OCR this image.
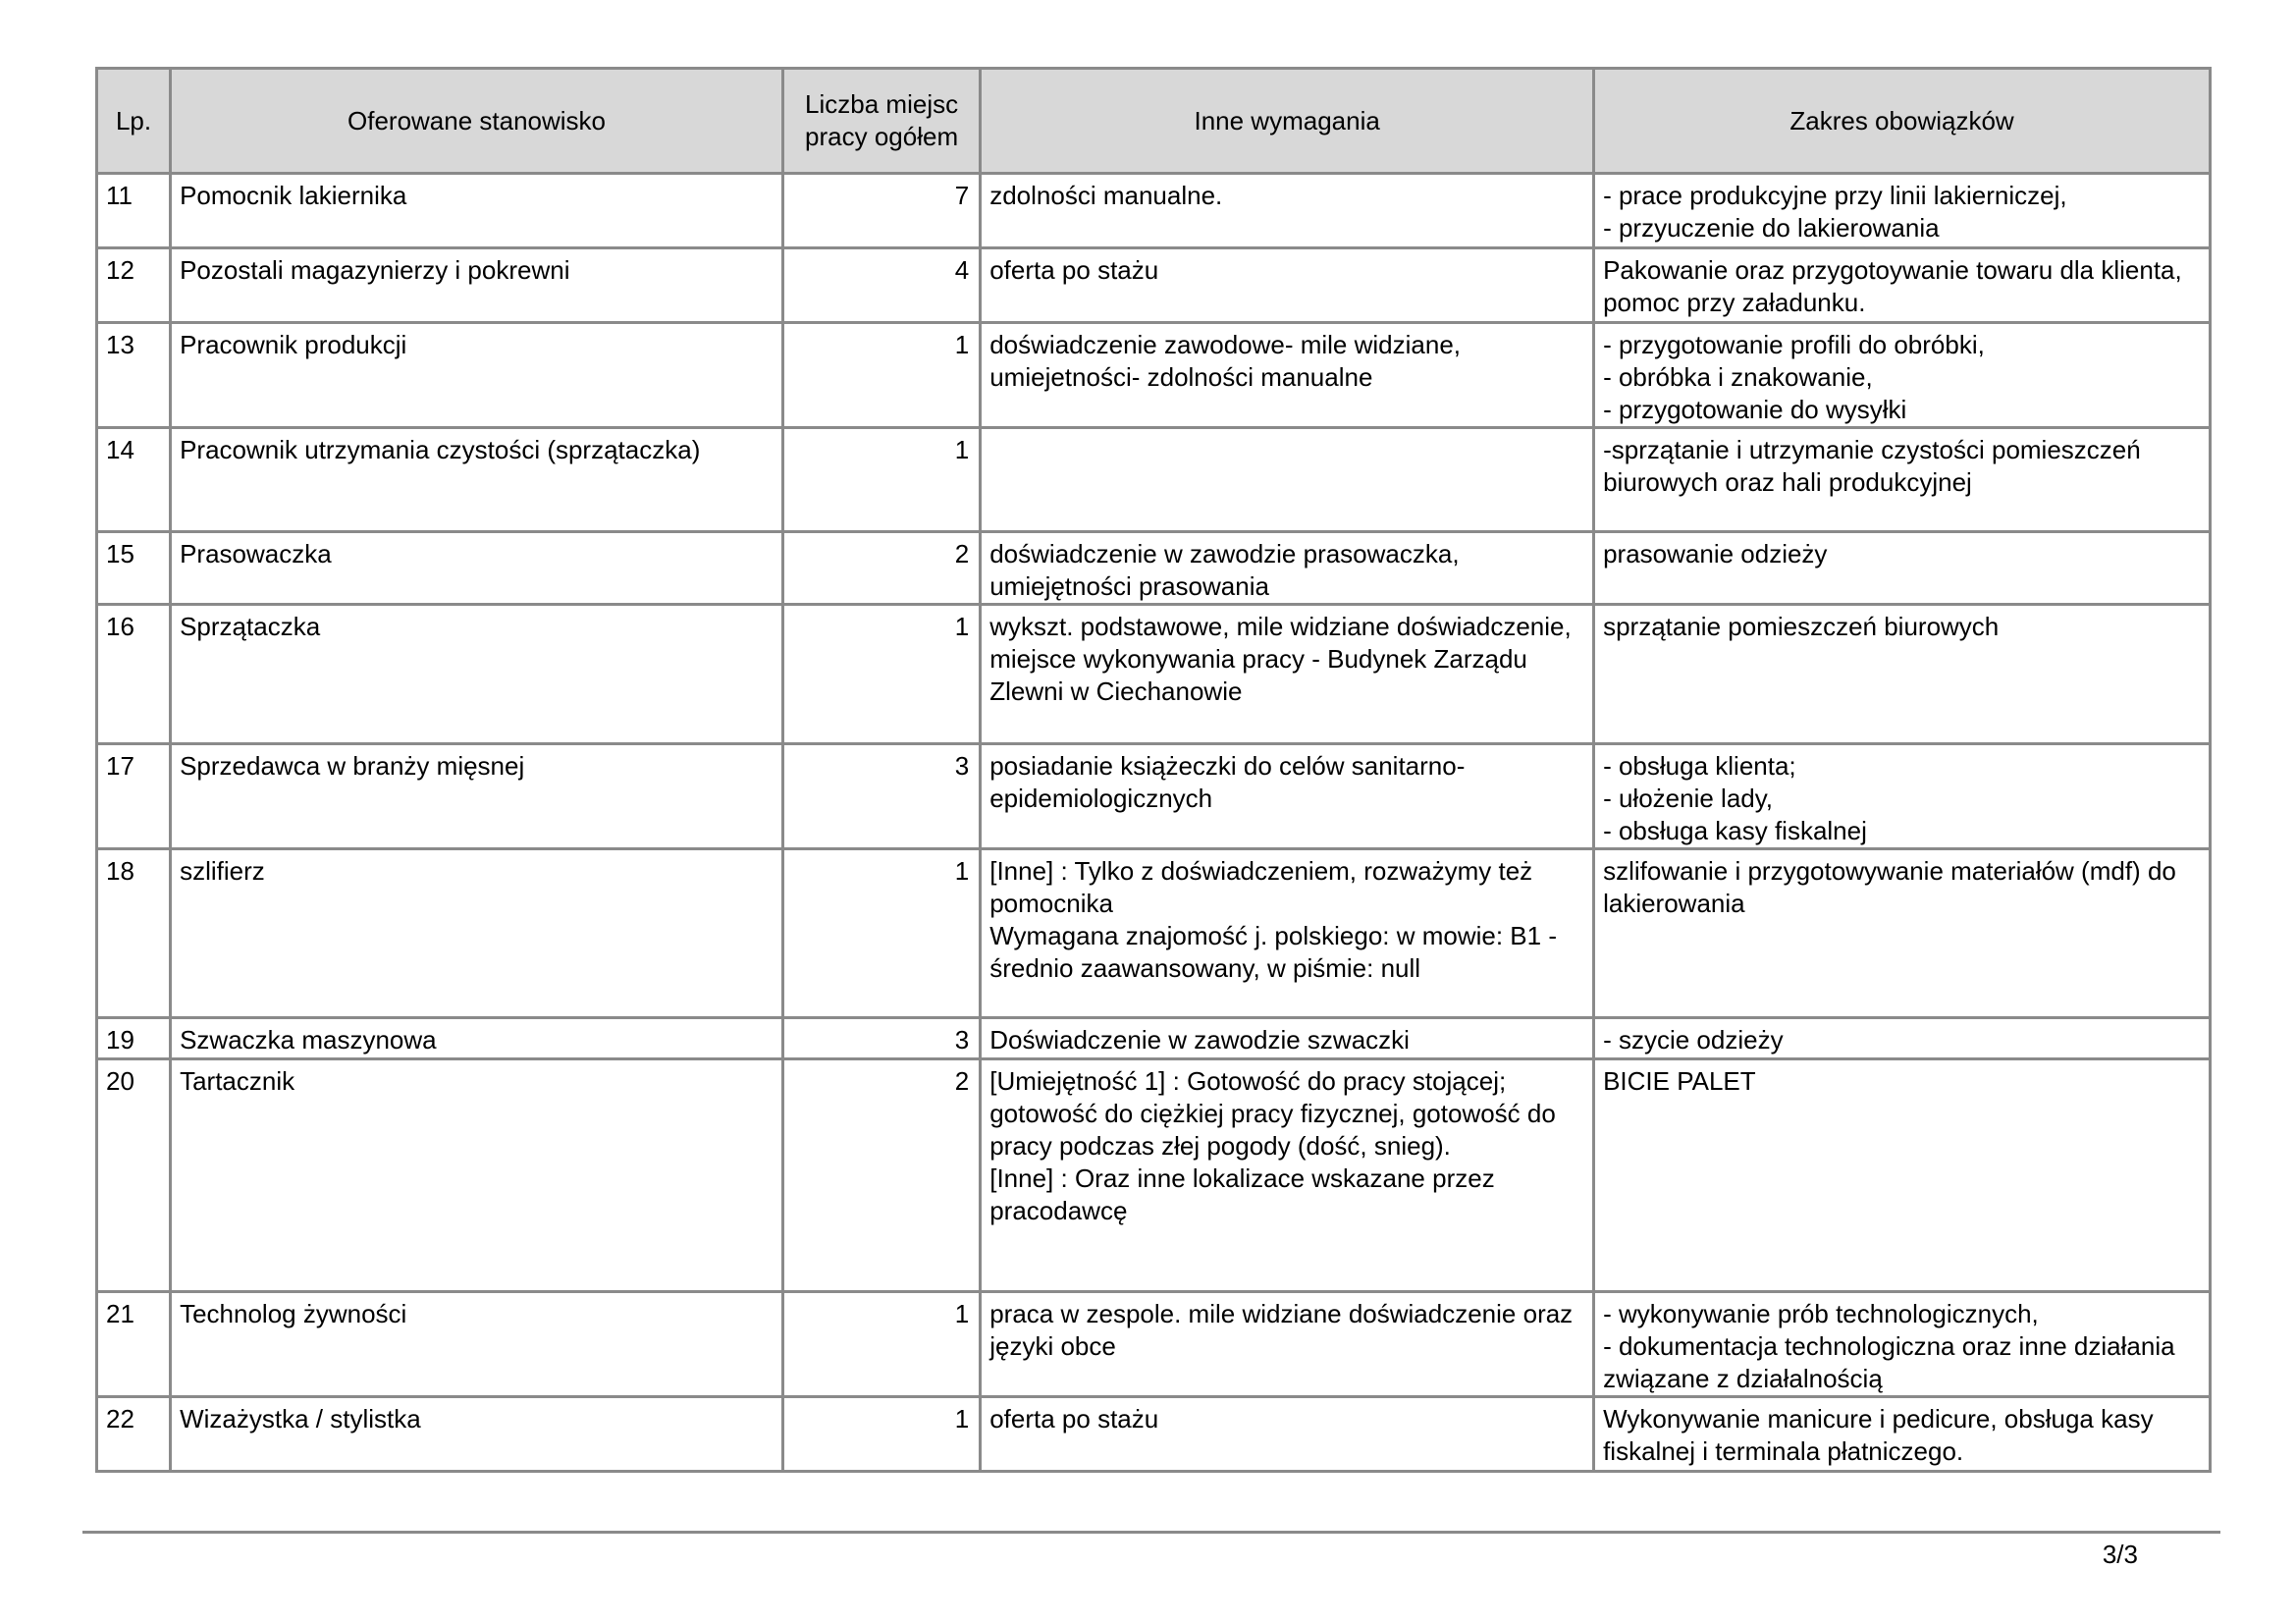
Lp.	Oferowane stanowisko	Liczba miejsc pracy ogółem	Inne wymagania	Zakres obowiązków
11	Pomocnik lakiernika	7	zdolności manualne.	- prace produkcyjne przy linii lakierniczej,
- przyuczenie do lakierowania
12	Pozostali magazynierzy i pokrewni	4	oferta po stażu	Pakowanie oraz przygotoywanie towaru dla klienta, pomoc przy załadunku.
13	Pracownik produkcji	1	doświadczenie zawodowe- mile widziane, umiejetności- zdolności manualne	- przygotowanie profili do obróbki,
- obróbka i znakowanie,
- przygotowanie do wysyłki
14	Pracownik utrzymania czystości (sprzątaczka)	1		-sprzątanie i utrzymanie czystości pomieszczeń biurowych oraz hali produkcyjnej
15	Prasowaczka	2	doświadczenie w zawodzie prasowaczka, umiejętności prasowania	prasowanie odzieży
16	Sprzątaczka	1	wykszt. podstawowe, mile widziane doświadczenie, miejsce wykonywania pracy - Budynek Zarządu Zlewni w Ciechanowie	sprzątanie pomieszczeń biurowych
17	Sprzedawca w branży mięsnej	3	posiadanie książeczki do celów sanitarno-epidemiologicznych	- obsługa klienta;
- ułożenie lady,
- obsługa kasy fiskalnej
18	szlifierz	1	[Inne] : Tylko z doświadczeniem, rozważymy też pomocnika
Wymagana znajomość j. polskiego: w mowie: B1 - średnio zaawansowany, w piśmie: null	szlifowanie i przygotowywanie materiałów (mdf) do lakierowania
19	Szwaczka maszynowa	3	Doświadczenie w zawodzie szwaczki	- szycie odzieży
20	Tartacznik	2	[Umiejętność 1] : Gotowość do pracy stojącej; gotowość do ciężkiej pracy fizycznej, gotowość do pracy podczas złej pogody (dość, snieg).
[Inne] : Oraz inne lokalizace wskazane przez pracodawcę	BICIE PALET
21	Technolog żywności	1	praca w zespole. mile widziane doświadczenie oraz języki obce	- wykonywanie prób technologicznych,
- dokumentacja technologiczna oraz inne działania związane z działalnością
22	Wizażystka / stylistka	1	oferta po stażu	Wykonywanie manicure i pedicure, obsługa kasy fiskalnej i terminala płatniczego.
3/3
